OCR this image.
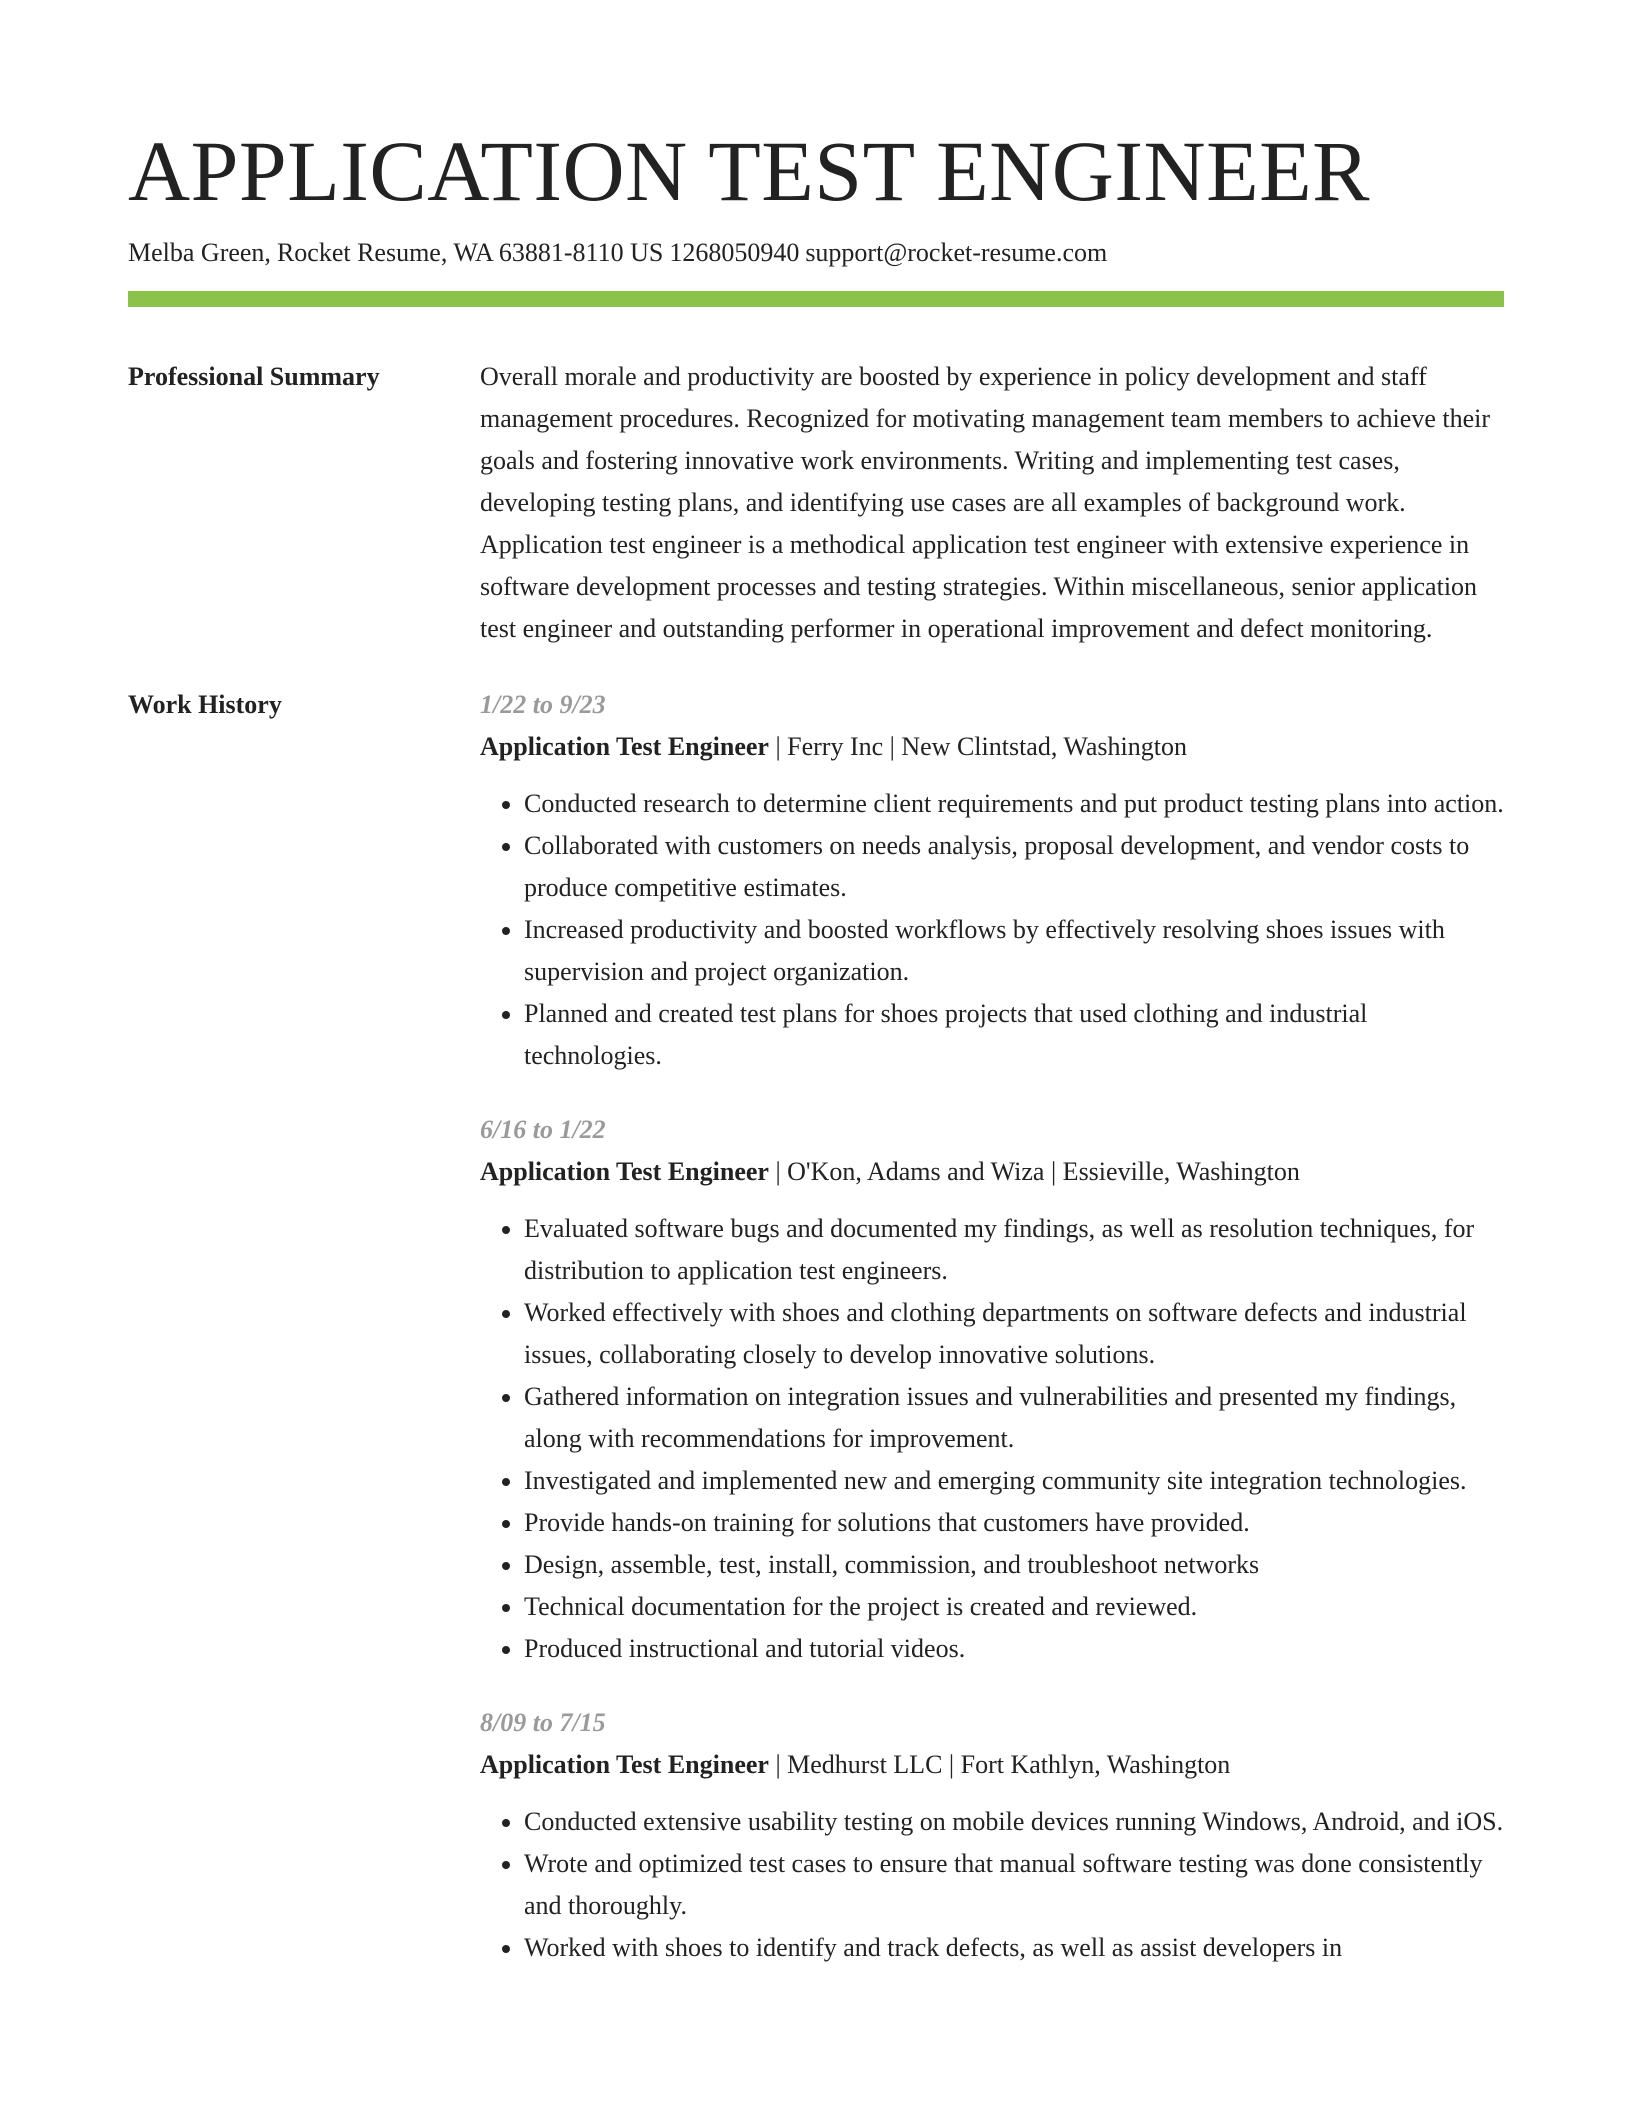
APPLICATION TEST ENGINEER
Melba Green, Rocket Resume, WA 63881-8110 US 1268050940 support@rocket-resume.com
Professional Summary	Overall morale and productivity are boosted by experience in policy development and staff management procedures. Recognized for motivating management team members to achieve their goals and fostering innovative work environments. Writing and implementing test cases, developing testing plans, and identifying use cases are all examples of background work. Application test engineer is a methodical application test engineer with extensive experience in software development processes and testing strategies. Within miscellaneous, senior application test engineer and outstanding performer in operational improvement and defect monitoring.

Work History	1/22 to 9/23

Application Test Engineer | Ferry Inc | New Clintstad, Washington

• Conducted research to determine client requirements and put product testing plans into action.
• Collaborated with customers on needs analysis, proposal development, and vendor costs to produce competitive estimates.
• Increased productivity and boosted workflows by effectively resolving shoes issues with supervision and project organization.
• Planned and created test plans for shoes projects that used clothing and industrial technologies.
6/16 to 1/22

Application Test Engineer | O'Kon, Adams and Wiza | Essieville, Washington

• Evaluated software bugs and documented my findings, as well as resolution techniques, for distribution to application test engineers.
• Worked effectively with shoes and clothing departments on software defects and industrial issues, collaborating closely to develop innovative solutions.
• Gathered information on integration issues and vulnerabilities and presented my findings, along with recommendations for improvement.
• Investigated and implemented new and emerging community site integration technologies.
• Provide hands-on training for solutions that customers have provided.
• Design, assemble, test, install, commission, and troubleshoot networks
• Technical documentation for the project is created and reviewed.
• Produced instructional and tutorial videos.
8/09 to 7/15

Application Test Engineer | Medhurst LLC | Fort Kathlyn, Washington

• Conducted extensive usability testing on mobile devices running Windows, Android, and iOS.
• Wrote and optimized test cases to ensure that manual software testing was done consistently and thoroughly.
• Worked with shoes to identify and track defects, as well as assist developers in
